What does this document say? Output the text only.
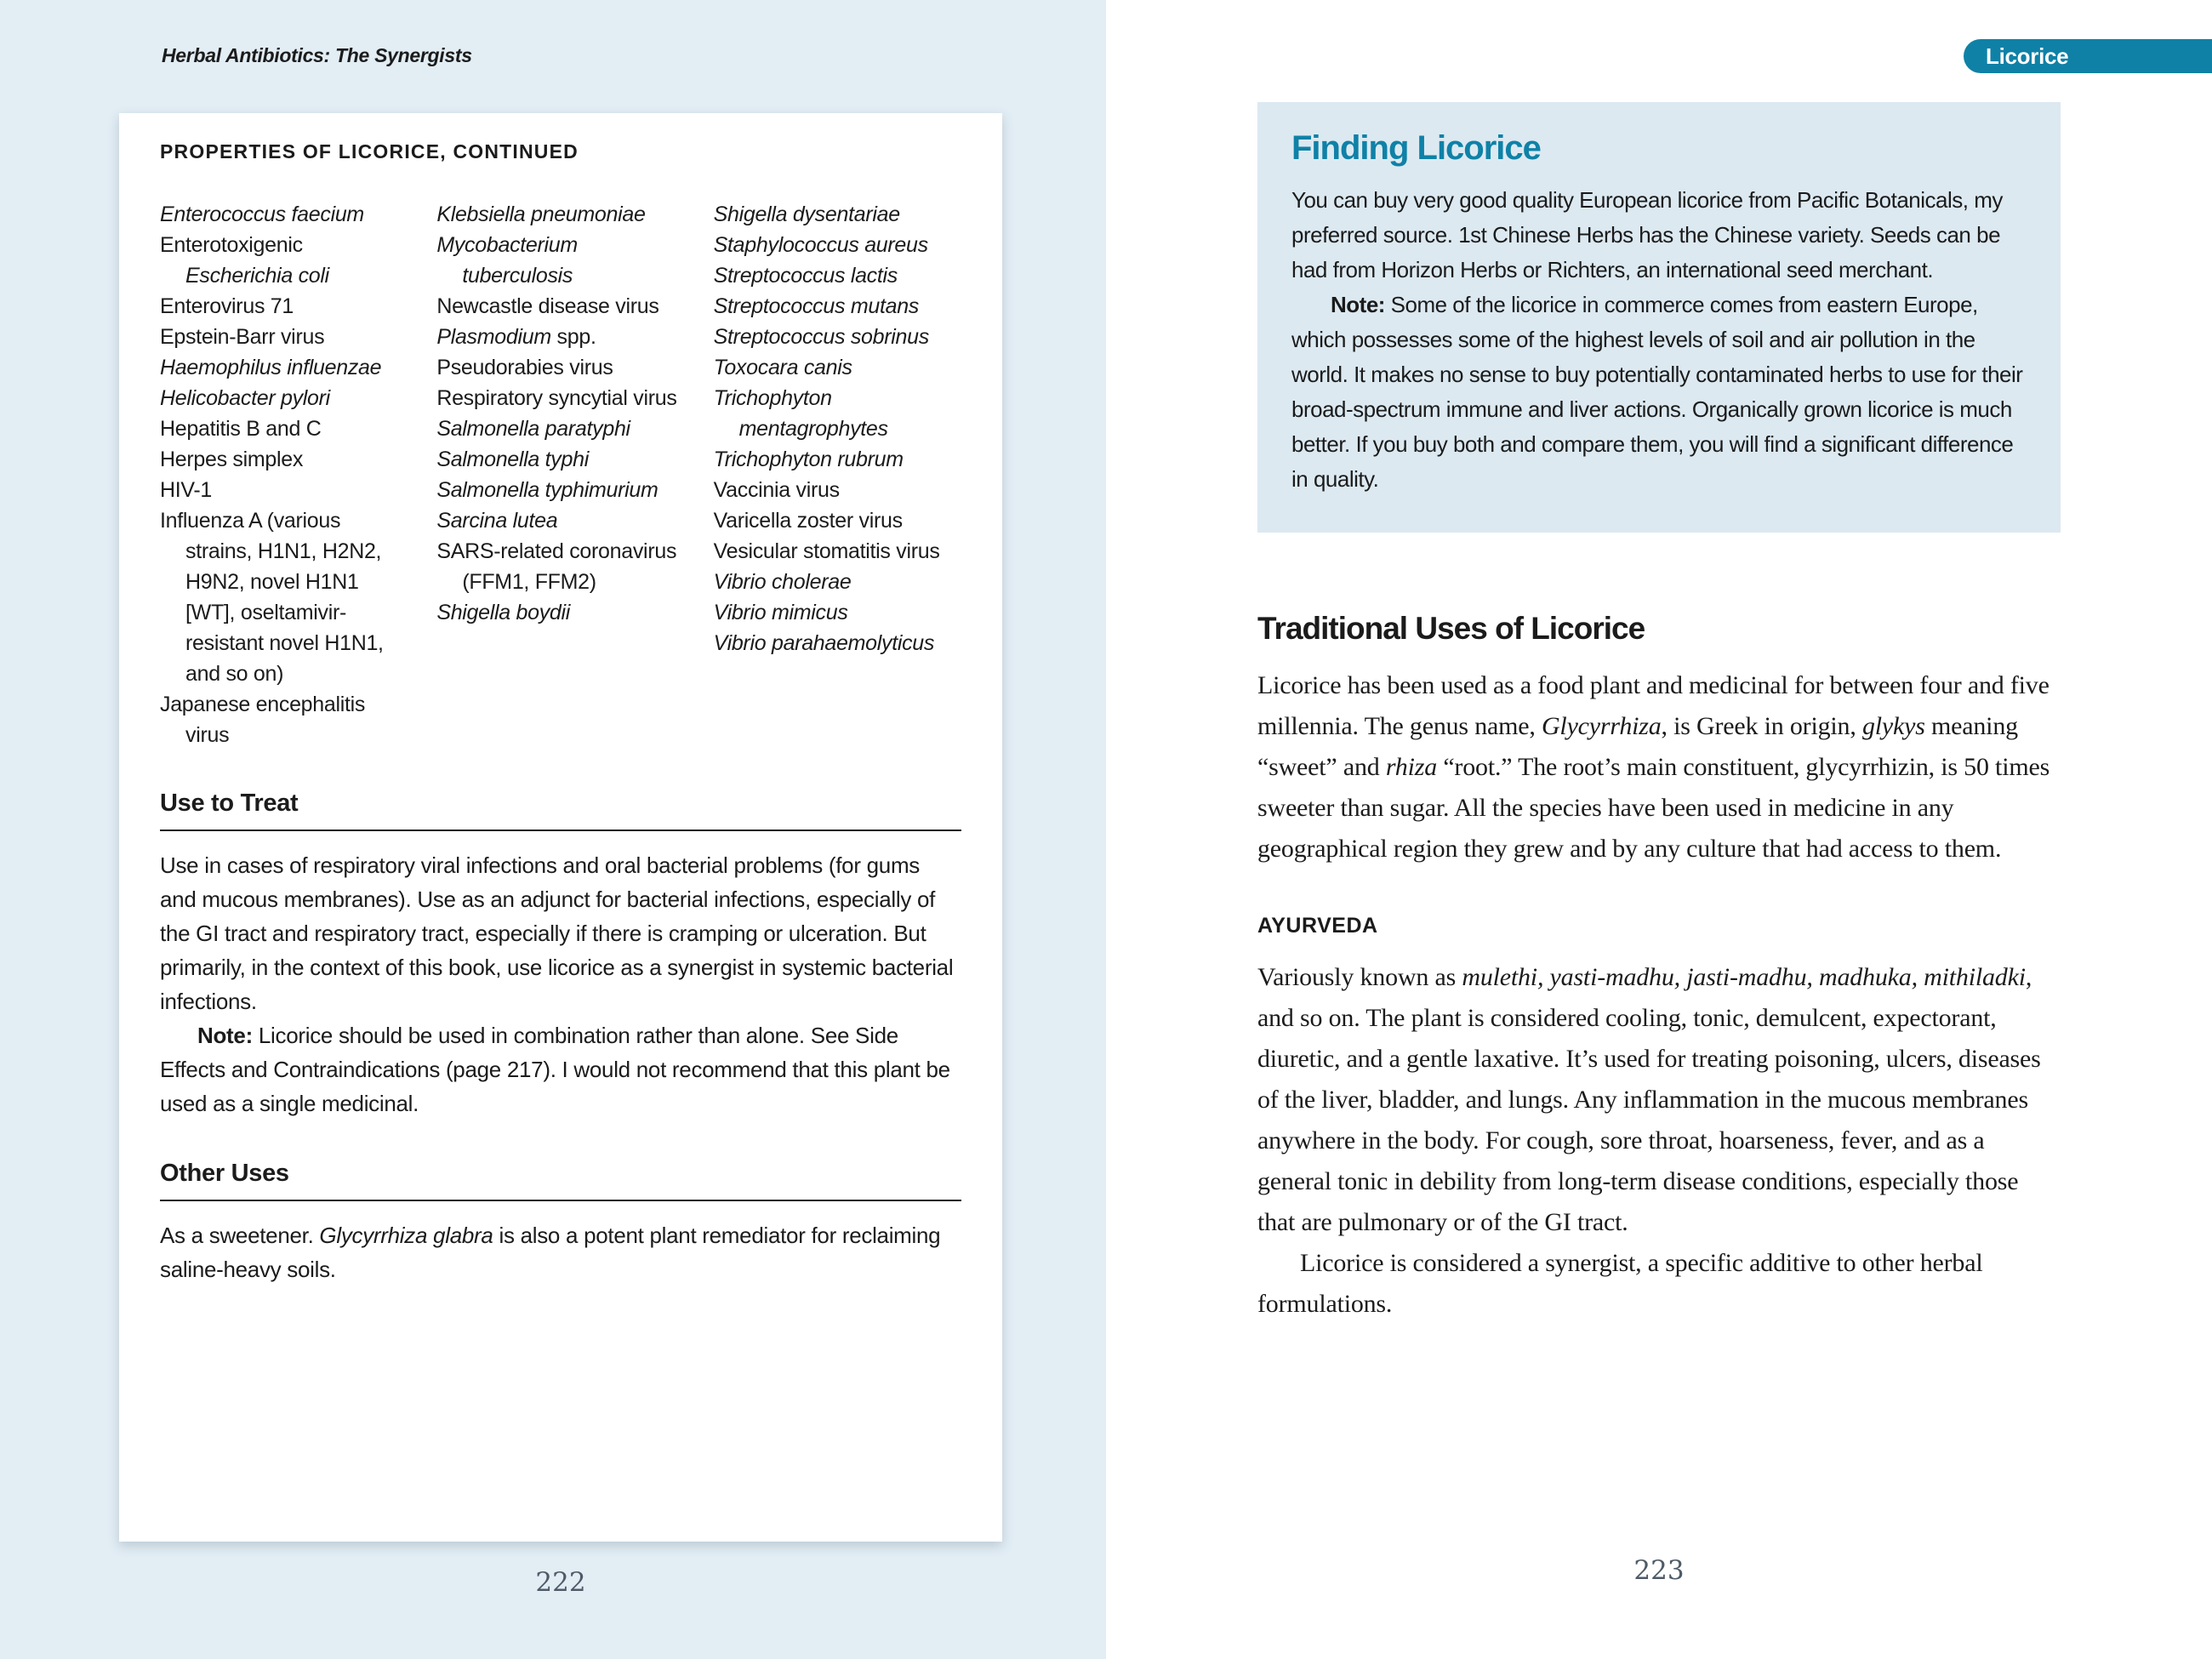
Herbal Antibiotics: The Synergists
PROPERTIES OF LICORICE, CONTINUED
Enterococcus faecium
Enterotoxigenic Escherichia coli
Enterovirus 71
Epstein-Barr virus
Haemophilus influenzae
Helicobacter pylori
Hepatitis B and C
Herpes simplex
HIV-1
Influenza A (various strains, H1N1, H2N2, H9N2, novel H1N1 [WT], oseltamivir-resistant novel H1N1, and so on)
Japanese encephalitis virus
Klebsiella pneumoniae
Mycobacterium tuberculosis
Newcastle disease virus
Plasmodium spp.
Pseudorabies virus
Respiratory syncytial virus
Salmonella paratyphi
Salmonella typhi
Salmonella typhimurium
Sarcina lutea
SARS-related coronavirus (FFM1, FFM2)
Shigella boydii
Shigella dysentariae
Staphylococcus aureus
Streptococcus lactis
Streptococcus mutans
Streptococcus sobrinus
Toxocara canis
Trichophyton mentagrophytes
Trichophyton rubrum
Vaccinia virus
Varicella zoster virus
Vesicular stomatitis virus
Vibrio cholerae
Vibrio mimicus
Vibrio parahaemolyticus
Use to Treat

Use in cases of respiratory viral infections and oral bacterial problems (for gums and mucous membranes). Use as an adjunct for bacterial infections, especially of the GI tract and respiratory tract, especially if there is cramping or ulceration. But primarily, in the context of this book, use licorice as a synergist in systemic bacterial infections.

Note: Licorice should be used in combination rather than alone. See Side Effects and Contraindications (page 217). I would not recommend that this plant be used as a single medicinal.

Other Uses

As a sweetener. Glycyrrhiza glabra is also a potent plant remediator for reclaiming saline-heavy soils.

222
Licorice
Finding Licorice

You can buy very good quality European licorice from Pacific Botanicals, my preferred source. 1st Chinese Herbs has the Chinese variety. Seeds can be had from Horizon Herbs or Richters, an international seed merchant.

Note: Some of the licorice in commerce comes from eastern Europe, which possesses some of the highest levels of soil and air pollution in the world. It makes no sense to buy potentially contaminated herbs to use for their broad-spectrum immune and liver actions. Organically grown licorice is much better. If you buy both and compare them, you will find a significant difference in quality.

Traditional Uses of Licorice

Licorice has been used as a food plant and medicinal for between four and five millennia. The genus name, Glycyrrhiza, is Greek in origin, glykys meaning “sweet” and rhiza “root.” The root’s main constituent, glycyrrhizin, is 50 times sweeter than sugar. All the species have been used in medicine in any geographical region they grew and by any culture that had access to them.

AYURVEDA

Variously known as mulethi, yasti-madhu, jasti-madhu, madhuka, mithiladki, and so on. The plant is considered cooling, tonic, demulcent, expectorant, diuretic, and a gentle laxative. It’s used for treating poisoning, ulcers, diseases of the liver, bladder, and lungs. Any inflammation in the mucous membranes anywhere in the body. For cough, sore throat, hoarseness, fever, and as a general tonic in debility from long-term disease conditions, especially those that are pulmonary or of the GI tract.

Licorice is considered a synergist, a specific additive to other herbal formulations.

223
